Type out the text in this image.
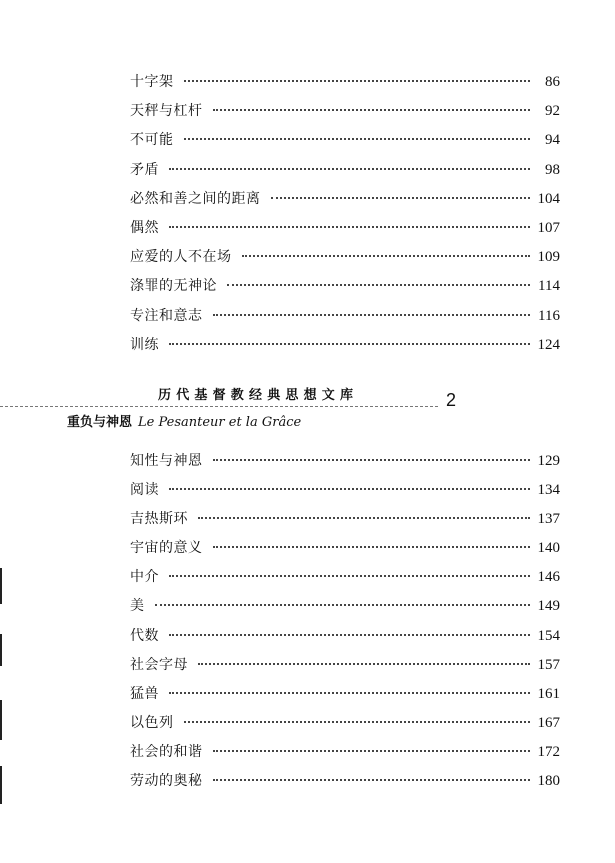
十字架	86
天秤与杠杆	92
不可能	94
矛盾	98
必然和善之间的距离	104
偶然	107
应爱的人不在场	109
涤罪的无神论	114
专注和意志	116
训练	124
历代基督教经典思想文库	2
重负与神恩 Le Pesanteur et la Grâce
知性与神恩	129
阅读	134
吉热斯环	137
宇宙的意义	140
中介	146
美	149
代数	154
社会字母	157
猛兽	161
以色列	167
社会的和谐	172
劳动的奥秘	180
